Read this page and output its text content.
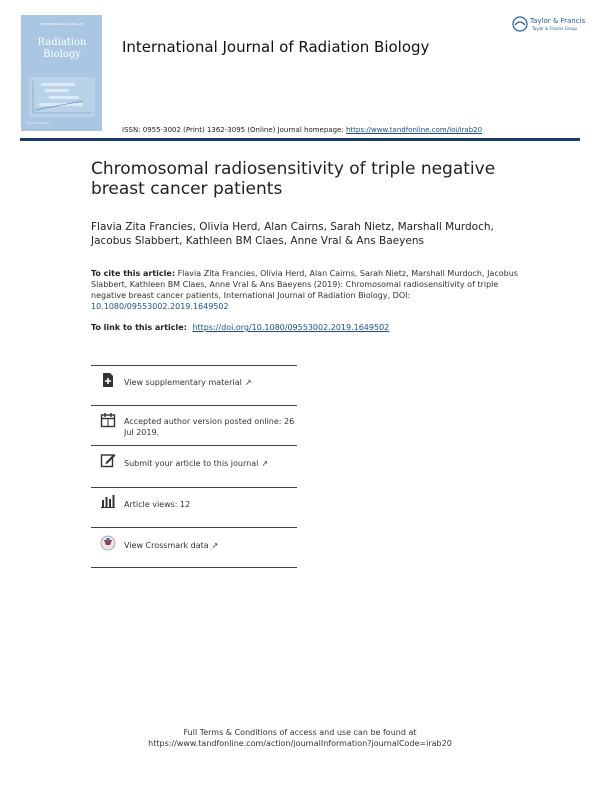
INTERNATIONAL JOURNAL OF
Radiation
Biology
Taylor & Francis
International Journal of Radiation Biology
Taylor & Francis
Taylor & Francis Group
ISSN: 0955-3002 (Print) 1362-3095 (Online) Journal homepage: https://www.tandfonline.com/loi/irab20
Chromosomal radiosensitivity of triple negative breast cancer patients
Flavia Zita Francies, Olivia Herd, Alan Cairns, Sarah Nietz, Marshall Murdoch, Jacobus Slabbert, Kathleen BM Claes, Anne Vral & Ans Baeyens
To cite this article: Flavia Zita Francies, Olivia Herd, Alan Cairns, Sarah Nietz, Marshall Murdoch, Jacobus Slabbert, Kathleen BM Claes, Anne Vral & Ans Baeyens (2019): Chromosomal radiosensitivity of triple negative breast cancer patients, International Journal of Radiation Biology, DOI: 10.1080/09553002.2019.1649502
To link to this article: https://doi.org/10.1080/09553002.2019.1649502
View supplementary material ↗
Accepted author version posted online: 26 Jul 2019.
Submit your article to this journal ↗
Article views: 12
View Crossmark data ↗
Full Terms & Conditions of access and use can be found at
https://www.tandfonline.com/action/journalInformation?journalCode=irab20
